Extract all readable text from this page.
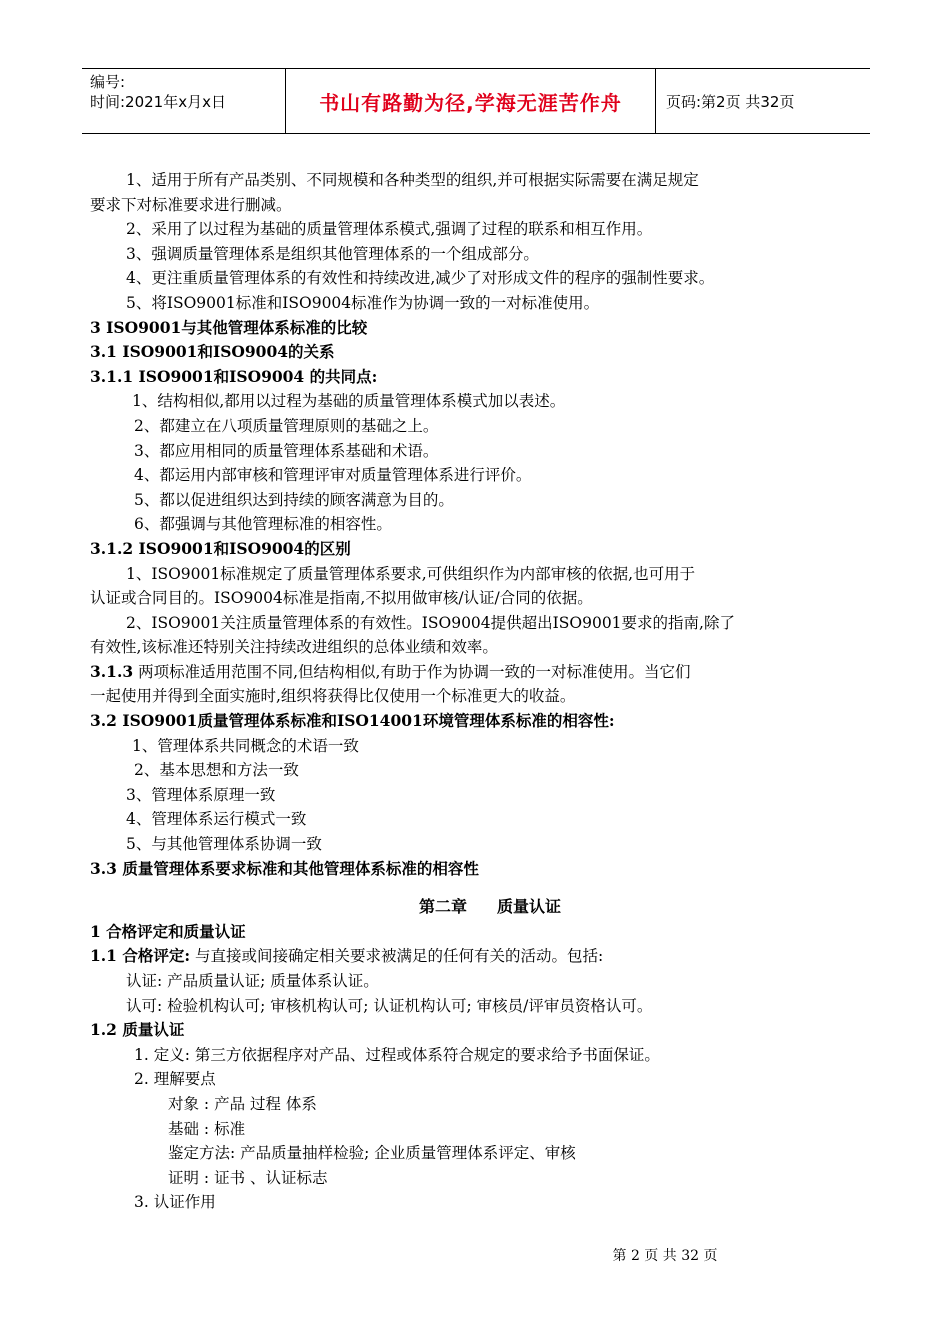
编号:
时间:2021年x月x日	书山有路勤为径,学海无涯苦作舟	页码:第2页 共32页
1、适用于所有产品类别、不同规模和各种类型的组织,并可根据实际需要在满足规定
要求下对标准要求进行删减。
2、采用了以过程为基础的质量管理体系模式,强调了过程的联系和相互作用。
3、强调质量管理体系是组织其他管理体系的一个组成部分。
4、更注重质量管理体系的有效性和持续改进,减少了对形成文件的程序的强制性要求。
5、将ISO9001标准和ISO9004标准作为协调一致的一对标准使用。
3 ISO9001与其他管理体系标准的比较
3.1 ISO9001和ISO9004的关系
3.1.1 ISO9001和ISO9004 的共同点:
1、结构相似,都用以过程为基础的质量管理体系模式加以表述。
2、都建立在八项质量管理原则的基础之上。
3、都应用相同的质量管理体系基础和术语。
4、都运用内部审核和管理评审对质量管理体系进行评价。
5、都以促进组织达到持续的顾客满意为目的。
6、都强调与其他管理标准的相容性。
3.1.2 ISO9001和ISO9004的区别
1、ISO9001标准规定了质量管理体系要求,可供组织作为内部审核的依据,也可用于
认证或合同目的。ISO9004标准是指南,不拟用做审核/认证/合同的依据。
2、ISO9001关注质量管理体系的有效性。ISO9004提供超出ISO9001要求的指南,除了
有效性,该标准还特别关注持续改进组织的总体业绩和效率。
3.1.3 两项标准适用范围不同,但结构相似,有助于作为协调一致的一对标准使用。当它们
一起使用并得到全面实施时,组织将获得比仅使用一个标准更大的收益。
3.2 ISO9001质量管理体系标准和ISO14001环境管理体系标准的相容性:
1、管理体系共同概念的术语一致
2、基本思想和方法一致
3、管理体系原理一致
4、管理体系运行模式一致
5、与其他管理体系协调一致
3.3 质量管理体系要求标准和其他管理体系标准的相容性
第二章 质量认证
1 合格评定和质量认证
1.1 合格评定: 与直接或间接确定相关要求被满足的任何有关的活动。包括:
认证: 产品质量认证; 质量体系认证。
认可: 检验机构认可; 审核机构认可; 认证机构认可; 审核员/评审员资格认可。
1.2 质量认证
1. 定义: 第三方依据程序对产品、过程或体系符合规定的要求给予书面保证。
2. 理解要点
对象 : 产品 过程 体系
基础 : 标准
鉴定方法: 产品质量抽样检验; 企业质量管理体系评定、审核
证明 : 证书 、认证标志
3. 认证作用
第 2 页 共 32 页
